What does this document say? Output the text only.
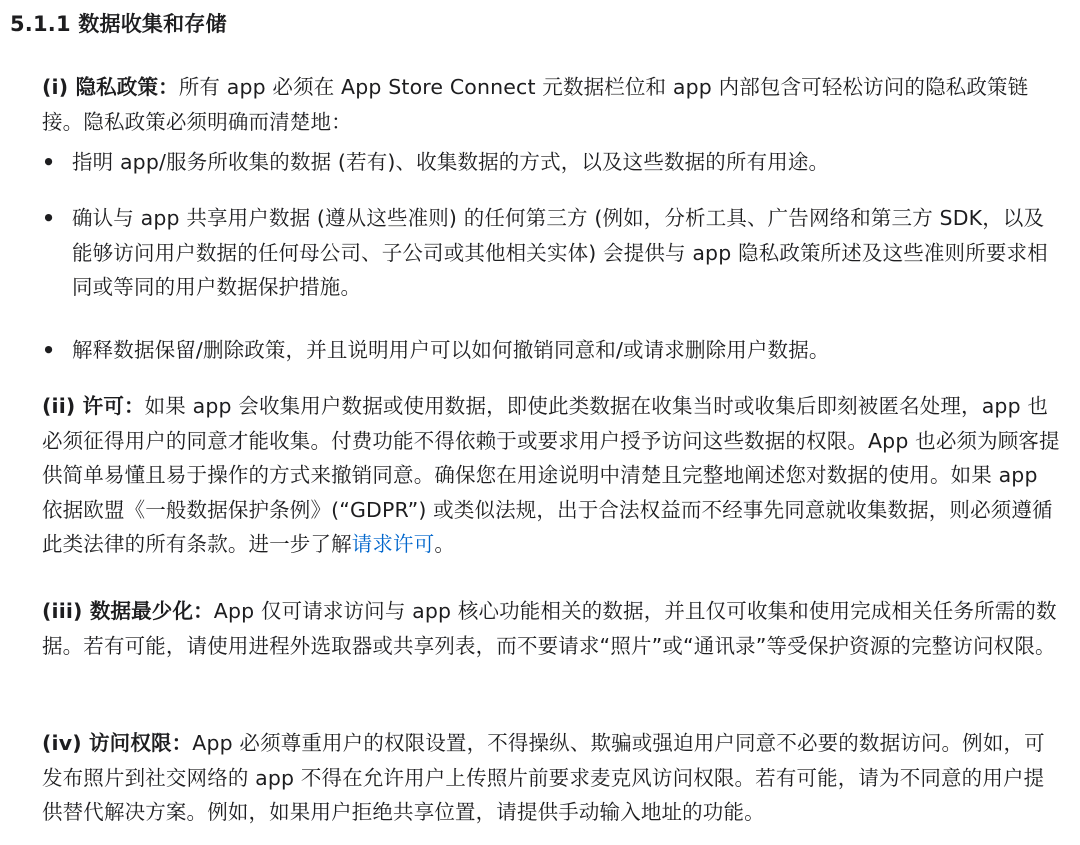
5.1.1 数据收集和存储

(i) 隐私政策：所有 app 必须在 App Store Connect 元数据栏位和 app 内部包含可轻松访问的隐私政策链接。隐私政策必须明确而清楚地：

• 指明 app/服务所收集的数据 (若有)、收集数据的方式，以及这些数据的所有用途。
• 确认与 app 共享用户数据 (遵从这些准则) 的任何第三方 (例如，分析工具、广告网络和第三方 SDK，以及能够访问用户数据的任何母公司、子公司或其他相关实体) 会提供与 app 隐私政策所述及这些准则所要求相同或等同的用户数据保护措施。
• 解释数据保留/删除政策，并且说明用户可以如何撤销同意和/或请求删除用户数据。

(ii) 许可：如果 app 会收集用户数据或使用数据，即使此类数据在收集当时或收集后即刻被匿名处理，app 也必须征得用户的同意才能收集。付费功能不得依赖于或要求用户授予访问这些数据的权限。App 也必须为顾客提供简单易懂且易于操作的方式来撤销同意。确保您在用途说明中清楚且完整地阐述您对数据的使用。如果 app 依据欧盟《一般数据保护条例》(“GDPR”) 或类似法规，出于合法权益而不经事先同意就收集数据，则必须遵循此类法律的所有条款。进一步了解请求许可。

(iii) 数据最少化：App 仅可请求访问与 app 核心功能相关的数据，并且仅可收集和使用完成相关任务所需的数据。若有可能，请使用进程外选取器或共享列表，而不要请求“照片”或“通讯录”等受保护资源的完整访问权限。

(iv) 访问权限：App 必须尊重用户的权限设置，不得操纵、欺骗或强迫用户同意不必要的数据访问。例如，可发布照片到社交网络的 app 不得在允许用户上传照片前要求麦克风访问权限。若有可能，请为不同意的用户提供替代解决方案。例如，如果用户拒绝共享位置，请提供手动输入地址的功能。
